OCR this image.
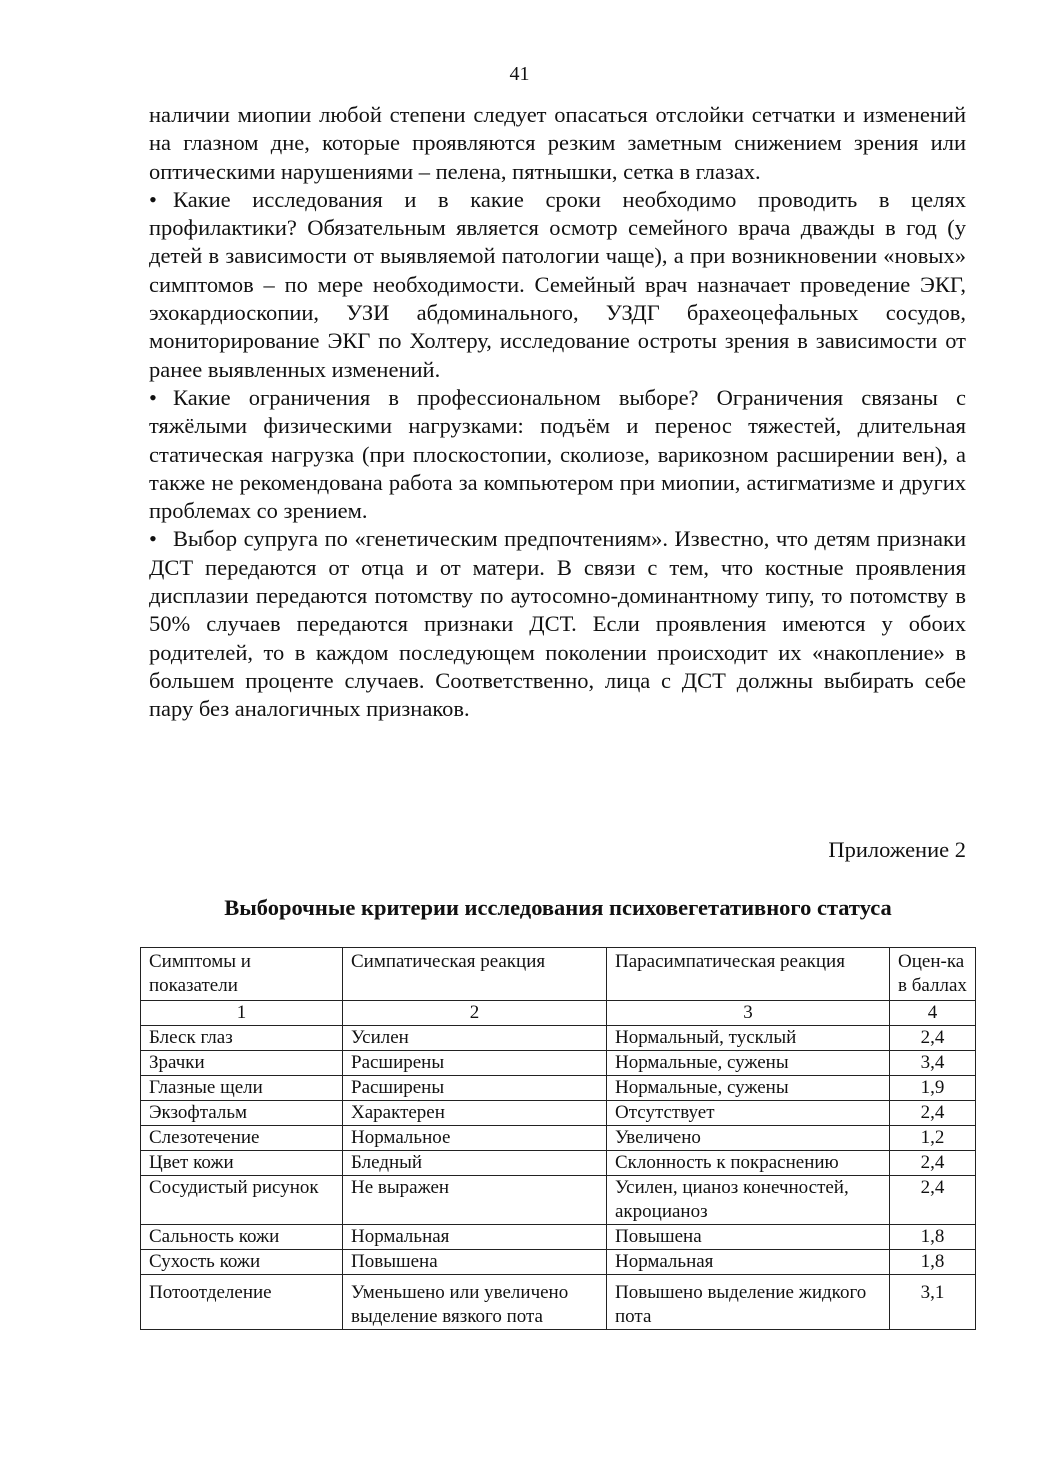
41

наличии миопии любой степени следует опасаться отслойки сетчатки и изменений на глазном дне, которые проявляются резким заметным снижением зрения или оптическими нарушениями – пелена, пятнышки, сетка в глазах.

• Какие исследования и в какие сроки необходимо проводить в целях профилактики? Обязательным является осмотр семейного врача дважды в год (у детей в зависимости от выявляемой патологии чаще), а при возникновении «новых» симптомов – по мере необходимости. Семейный врач назначает проведение ЭКГ, эхокардиоскопии, УЗИ абдоминального, УЗДГ брахеоцефальных сосудов, мониторирование ЭКГ по Холтеру, исследование остроты зрения в зависимости от ранее выявленных изменений.

• Какие ограничения в профессиональном выборе? Ограничения связаны с тяжёлыми физическими нагрузками: подъём и перенос тяжестей, длительная статическая нагрузка (при плоскостопии, сколиозе, варикозном расширении вен), а также не рекомендована работа за компьютером при миопии, астигматизме и других проблемах со зрением.

• Выбор супруга по «генетическим предпочтениям». Известно, что детям признаки ДСТ передаются от отца и от матери. В связи с тем, что костные проявления дисплазии передаются потомству по аутосомно-доминантному типу, то потомству в 50% случаев передаются признаки ДСТ. Если проявления имеются у обоих родителей, то в каждом последующем поколении происходит их «накопление» в большем проценте случаев. Соответственно, лица с ДСТ должны выбирать себе пару без аналогичных признаков.

Приложение 2
Выборочные критерии исследования психовегетативного статуса
Симптомы и показатели	Симпатическая реакция	Парасимпатическая реакция	Оцен-ка в баллах
1	2	3	4
Блеск глаз	Усилен	Нормальный, тусклый	2,4
Зрачки	Расширены	Нормальные, сужены	3,4
Глазные щели	Расширены	Нормальные, сужены	1,9
Экзофтальм	Характерен	Отсутствует	2,4
Слезотечение	Нормальное	Увеличено	1,2
Цвет кожи	Бледный	Склонность к покраснению	2,4
Сосудистый рисунок	Не выражен	Усилен, цианоз конечностей, акроцианоз	2,4
Сальность кожи	Нормальная	Повышена	1,8
Сухость кожи	Повышена	Нормальная	1,8
Потоотделение	Уменьшено или увеличено выделение вязкого пота	Повышено выделение жидкого пота	3,1
